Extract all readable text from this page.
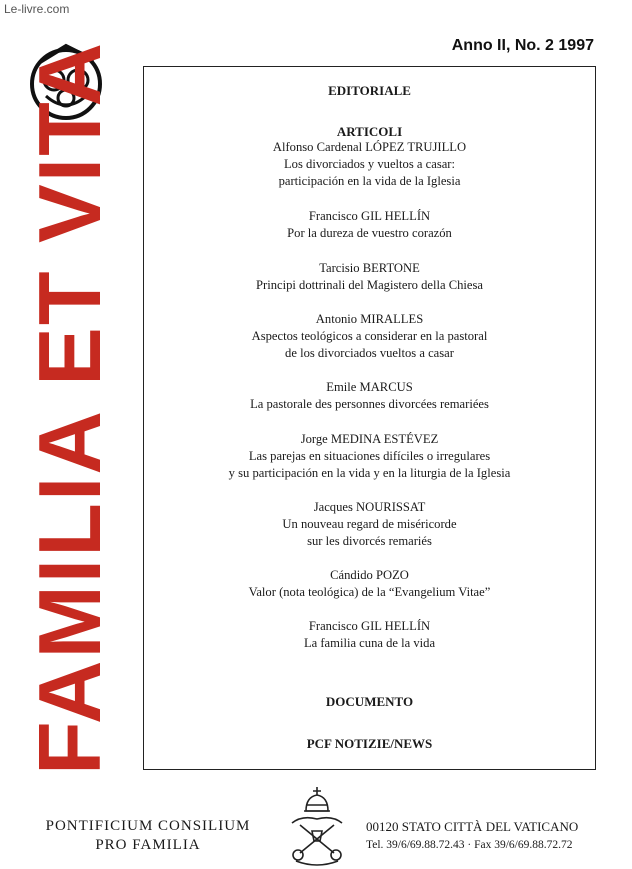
Le-livre.com
Anno II, No. 2 1997
FAMILIA ET VITA	EDITORIALE
ARTICOLI
Alfonso Cardenal LÓPEZ TRUJILLO
Los divorciados y vueltos a casar:
participación en la vida de la Iglesia
Francisco GIL HELLÍN
Por la dureza de vuestro corazón
Tarcisio BERTONE
Principi dottrinali del Magistero della Chiesa
Antonio MIRALLES
Aspectos teológicos a considerar en la pastoral
de los divorciados vueltos a casar
Emile MARCUS
La pastorale des personnes divorcées remariées
Jorge MEDINA ESTÉVEZ
Las parejas en situaciones difíciles o irregulares
y su participación en la vida y en la liturgia de la Iglesia
Jacques NOURISSAT
Un nouveau regard de miséricorde
sur les divorcés remariés
Cándido POZO
Valor (nota teológica) de la “Evangelium Vitae”
Francisco GIL HELLÍN
La familia cuna de la vida
DOCUMENTO
PCF NOTIZIE/NEWS
PONTIFICIUM CONSILIUM
PRO FAMILIA
00120 STATO CITTÀ DEL VATICANO
Tel. 39/6/69.88.72.43 · Fax 39/6/69.88.72.72
